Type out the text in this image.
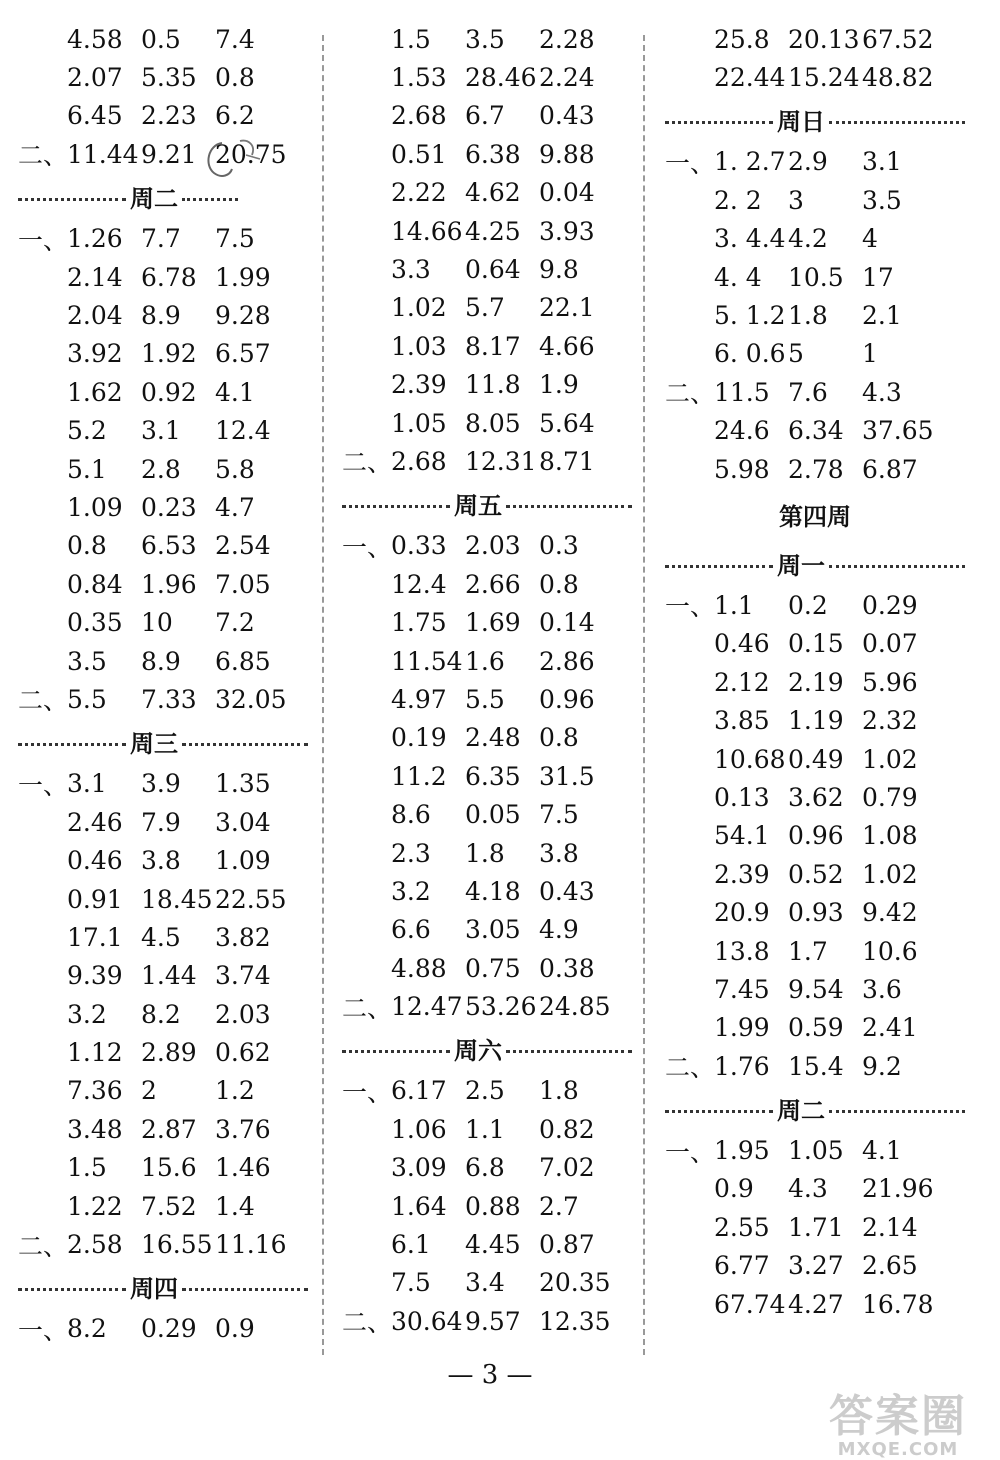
4.58 0.5	7.4
2.07 5.35 0.8
6.45 2.23 6.2
二、
11.44 9.21 20.75
周二
一、
1.26 7.7	7.5
2.14 6.78 1.99
2.04 8.9	9.28
3.92 1.92 6.57
1.62 0.92 4.1
5.2	3.1	12.4
5.1	2.8	5.8
1.09 0.23 4.7
0.8	6.53 2.54
0.84 1.96 7.05
0.35 10	7.2
3.5	8.9	6.85
二、
5.5	7.33 32.05
周三
一、
3.1	3.9	1.35
2.46 7.9	3.04
0.46 3.8	1.09
0.91 18.45 22.55
17.1 4.5	3.82
9.39 1.44 3.74
3.2	8.2	2.03
1.12 2.89 0.62
7.36 2	1.2
3.48 2.87 3.76
1.5	15.6 1.46
1.22 7.52 1.4
二、
2.58 16.55 11.16
周四
一、
8.2	0.29 0.9
1.5	3.5	2.28
1.53 28.46 2.24
2.68 6.7	0.43
0.51 6.38 9.88
2.22 4.62 0.04
14.66 4.25 3.93
3.3	0.64 9.8
1.02 5.7	22.1
1.03 8.17 4.66
2.39 11.8 1.9
1.05 8.05 5.64
二、
2.68 12.31 8.71
周五
一、
0.33 2.03 0.3
12.4 2.66 0.8
1.75 1.69 0.14
11.54 1.6	2.86
4.97 5.5	0.96
0.19 2.48 0.8
11.2 6.35 31.5
8.6	0.05 7.5
2.3	1.8	3.8
3.2	4.18 0.43
6.6	3.05 4.9
4.88 0.75 0.38
二、
12.47 53.26 24.85
周六
一、
6.17 2.5	1.8
1.06 1.1	0.82
3.09 6.8	7.02
1.64 0.88 2.7
6.1	4.45 0.87
7.5	3.4	20.35
二、
30.64 9.57 12.35
25.8 20.13 67.52
22.44 15.24 48.82
周日
一、
1. 2.7 2.9	3.1
2. 2	3	3.5
3. 4.4 4.2	4
4. 4	10.5 17
5. 1.2 1.8	2.1
6. 0.6 5	1
二、
11.5 7.6	4.3
24.6 6.34 37.65
5.98 2.78 6.87
第四周
周一
一、
1.1	0.2	0.29
0.46 0.15 0.07
2.12 2.19 5.96
3.85 1.19 2.32
10.68 0.49 1.02
0.13 3.62 0.79
54.1 0.96 1.08
2.39 0.52 1.02
20.9 0.93 9.42
13.8 1.7	10.6
7.45 9.54 3.6
1.99 0.59 2.41
二、
1.76 15.4 9.2
周二
一、
1.95 1.05 4.1
0.9	4.3	21.96
2.55 1.71 2.14
6.77 3.27 2.65
67.74 4.27 16.78
— 3 —
答案圈
MXQE.COM
